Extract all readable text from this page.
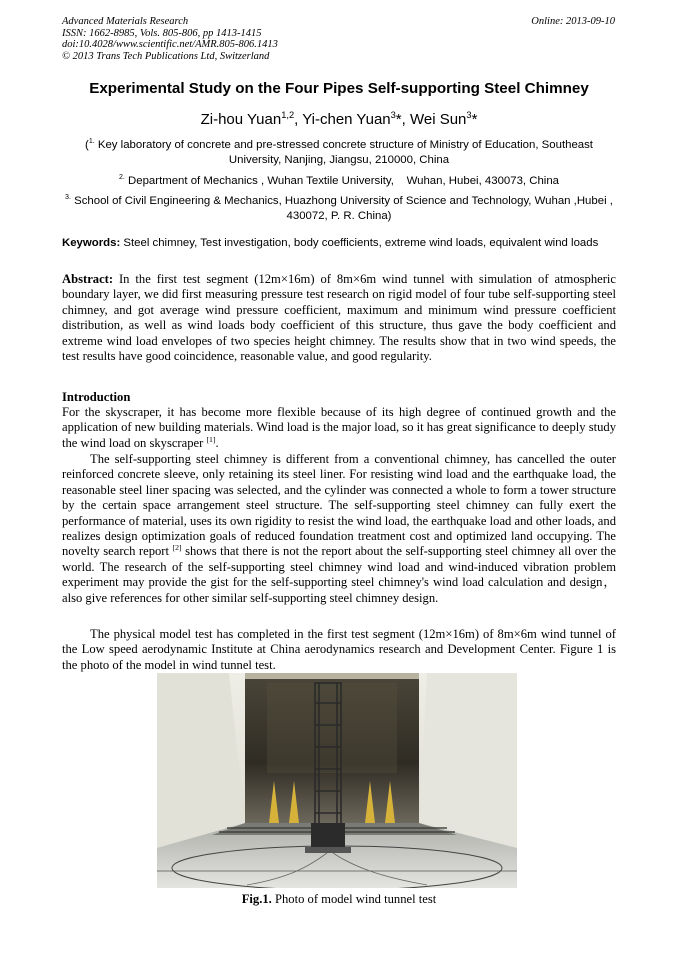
Advanced Materials Research
ISSN: 1662-8985, Vols. 805-806, pp 1413-1415
doi:10.4028/www.scientific.net/AMR.805-806.1413
© 2013 Trans Tech Publications Ltd, Switzerland
Online: 2013-09-10
Experimental Study on the Four Pipes Self-supporting Steel Chimney
Zi-hou Yuan$^{1,2}$, Yi-chen Yuan$^3$*, Wei Sun$^3$*
($^{1.}$ Key laboratory of concrete and pre-stressed concrete structure of Ministry of Education, Southeast University, Nanjing, Jiangsu, 210000, China
$^{2.}$ Department of Mechanics , Wuhan Textile University,    Wuhan, Hubei, 430073, China
$^{3.}$ School of Civil Engineering & Mechanics, Huazhong University of Science and Technology, Wuhan ,Hubei , 430072, P. R. China)
Keywords: Steel chimney, Test investigation, body coefficients, extreme wind loads, equivalent wind loads
Abstract: In the first test segment (12m×16m) of 8m×6m wind tunnel with simulation of atmospheric boundary layer, we did first measuring pressure test research on rigid model of four tube self-supporting steel chimney, and got average wind pressure coefficient, maximum and minimum wind pressure coefficient distribution, as well as wind loads body coefficient of this structure, thus gave the body coefficient and extreme wind load envelopes of two species height chimney. The results show that in two wind speeds, the test results have good coincidence, reasonable value, and good regularity.
Introduction
For the skyscraper, it has become more flexible because of its high degree of continued growth and the application of new building materials. Wind load is the major load, so it has great significance to deeply study the wind load on skyscraper [1].
The self-supporting steel chimney is different from a conventional chimney, has cancelled the outer reinforced concrete sleeve, only retaining its steel liner. For resisting wind load and the earthquake load, the reasonable steel liner spacing was selected, and the cylinder was connected a whole to form a tower structure by the certain space arrangement steel structure. The self-supporting steel chimney can fully exert the performance of material, uses its own rigidity to resist the wind load, the earthquake load and other loads, and realizes design optimization goals of reduced foundation treatment cost and optimized land occupying. The novelty search report [2] shows that there is not the report about the self-supporting steel chimney all over the world. The research of the self-supporting steel chimney wind load and wind-induced vibration problem experiment may provide the gist for the self-supporting steel chimney's wind load calculation and design，also give references for other similar self-supporting steel chimney design.
The physical model test has completed in the first test segment (12m×16m) of 8m×6m wind tunnel of the Low speed aerodynamic Institute at China aerodynamics research and Development Center. Figure 1 is the photo of the model in wind tunnel test.
Fig.1. Photo of model wind tunnel test
